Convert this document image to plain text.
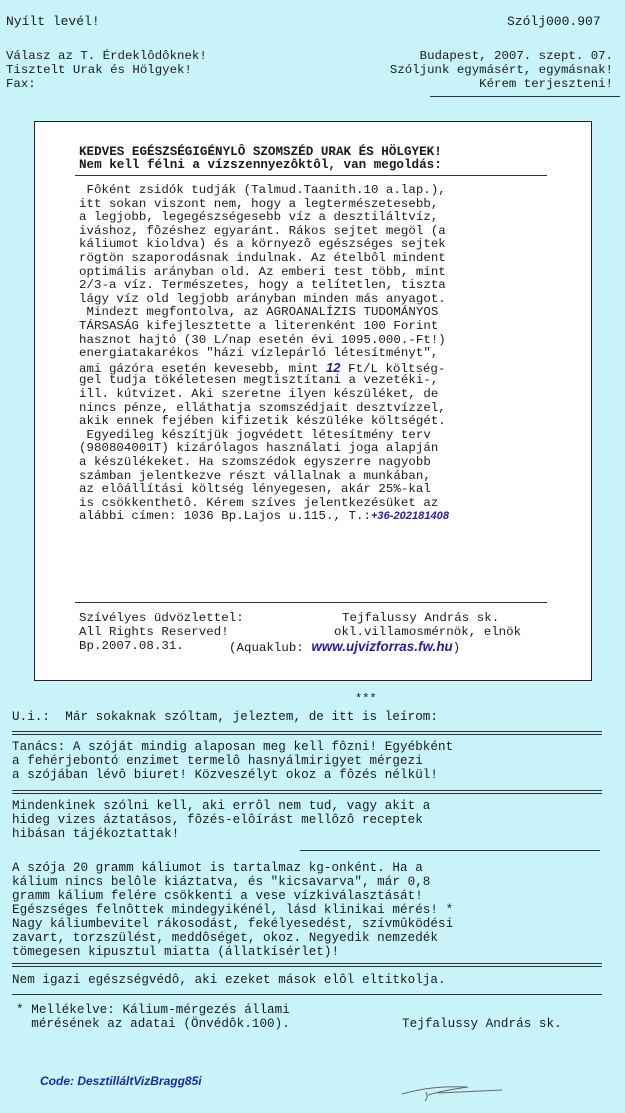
Nyílt levél!	Szólj000.907
Válasz az T. Érdeklôdôknek!	Budapest, 2007. szept. 07.
Tisztelt Urak és Hölgyek!	Szóljunk egymásért, egymásnak!
Fax:	Kérem terjeszteni!
KEDVES EGÉSZSÉGIGÉNYLÔ SZOMSZÉD URAK ÉS HÖLGYEK!
Nem kell félni a vízszennyezôktôl, van megoldás:
Fôként zsidók tudják (Talmud.Taanith.10 a.lap.),
itt sokan viszont nem, hogy a legtermészetesebb,
a legjobb, legegészségesebb víz a desztiláltvíz,
iváshoz, fôzéshez egyaránt. Rákos sejtet megöl (a
káliumot kioldva) és a környezô egészséges sejtek
rögtön szaporodásnak indulnak. Az ételbôl mindent
optimális arányban old. Az emberi test több, mint
2/3-a víz. Természetes, hogy a telítetlen, tiszta
lágy víz old legjobb arányban minden más anyagot.
Mindezt megfontolva, az AGROANALÍZIS TUDOMÁNYOS
TÁRSASÁG kifejlesztette a literenként 100 Forint
hasznot hajtó (30 L/nap esetén évi 1095.000.-Ft!)
energiatakarékos "házi vízlepárló létesítményt",
ami gázóra esetén kevesebb, mint 12 Ft/L költség-
gel tudja tökéletesen megtisztítani a vezetéki-,
ill. kútvizet. Aki szeretne ilyen készüléket, de
nincs pénze, elláthatja szomszédjait desztvízzel,
akik ennek fejében kifizetik készüléke költségét.
Egyedileg készítjük jogvédett létesítmény terv
(980804001T) kizárólagos használati joga alapján
a készülékeket. Ha szomszédok egyszerre nagyobb
számban jelentkezve részt vállalnak a munkában,
az elôállítási költség lényegesen, akár 25%-kal
is csökkenthetô. Kérem szíves jelentkezésüket az
alábbi címen: 1036 Bp.Lajos u.115., T.:+36-202181408
Szívélyes üdvözlettel:	Tejfalussy András sk.
All Rights Reserved!	okl.villamosmérnök, elnök
Bp.2007.08.31.	(Aquaklub: www.ujvizforras.fw.hu)
***
U.i.:  Már sokaknak szóltam, jeleztem, de itt is leírom:
Tanács: A szóját mindig alaposan meg kell fôzni! Egyébként
a fehérjebontó enzimet termelô hasnyálmirigyet mérgezi
a szójában lévô biuret! Közveszélyt okoz a fôzés nélkül!
Mindenkinek szólni kell, aki errôl nem tud, vagy akit a
hideg vizes áztatásos, fôzés-elôírást mellôzô receptek
hibásan tájékoztattak!
A szója 20 gramm káliumot is tartalmaz kg-onként. Ha a
kálium nincs belôle kiáztatva, és "kicsavarva", már 0,8
gramm kálium felére csökkenti a vese vízkiválasztását!
Egészséges felnôttek mindegyikénél, lásd klinikai mérés! *
Nagy káliumbevitel rákosodást, fekélyesedést, szívmûködési
zavart, torzszülést, meddôséget, okoz. Negyedik nemzedék
tömegesen kipusztul miatta (állatkísérlet)!
Nem igazi egészségvédô, aki ezeket mások elôl eltitkolja.
* Mellékelve: Kálium-mérgezés állami
mérésének az adatai (Önvédôk.100).	Tejfalussy András sk.
Code: DesztilláltVizBragg85i
